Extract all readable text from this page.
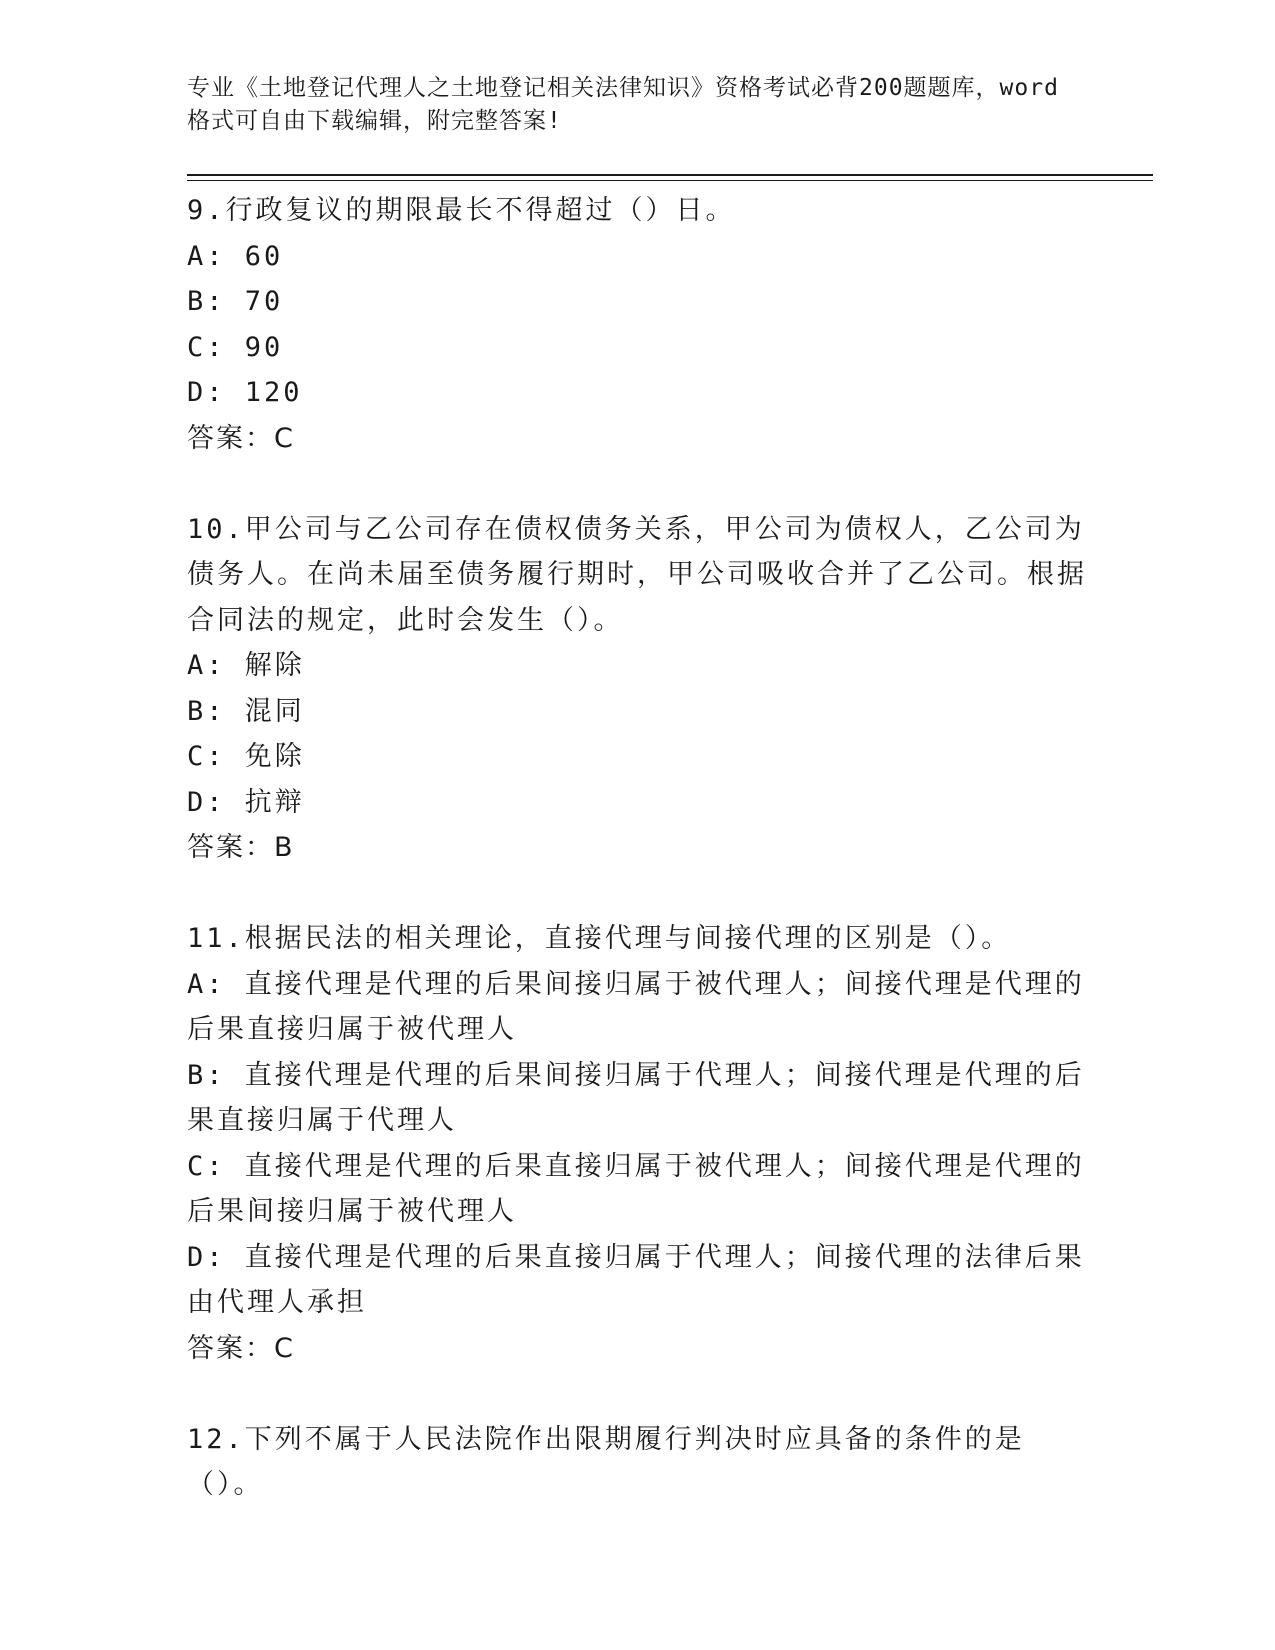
专业《土地登记代理人之土地登记相关法律知识》资格考试必背200题题库，word
格式可自由下载编辑，附完整答案!
9.行政复议的期限最长不得超过（）日。
A: 60
B: 70
C: 90
D: 120
答案：C
10.甲公司与乙公司存在债权债务关系，甲公司为债权人，乙公司为债务人。在尚未届至债务履行期时，甲公司吸收合并了乙公司。根据合同法的规定，此时会发生（）。
A: 解除
B: 混同
C: 免除
D: 抗辩
答案：B
11.根据民法的相关理论，直接代理与间接代理的区别是（）。
A: 直接代理是代理的后果间接归属于被代理人；间接代理是代理的后果直接归属于被代理人
B: 直接代理是代理的后果间接归属于代理人；间接代理是代理的后果直接归属于代理人
C: 直接代理是代理的后果直接归属于被代理人；间接代理是代理的后果间接归属于被代理人
D: 直接代理是代理的后果直接归属于代理人；间接代理的法律后果由代理人承担
答案：C
12.下列不属于人民法院作出限期履行判决时应具备的条件的是（）。
